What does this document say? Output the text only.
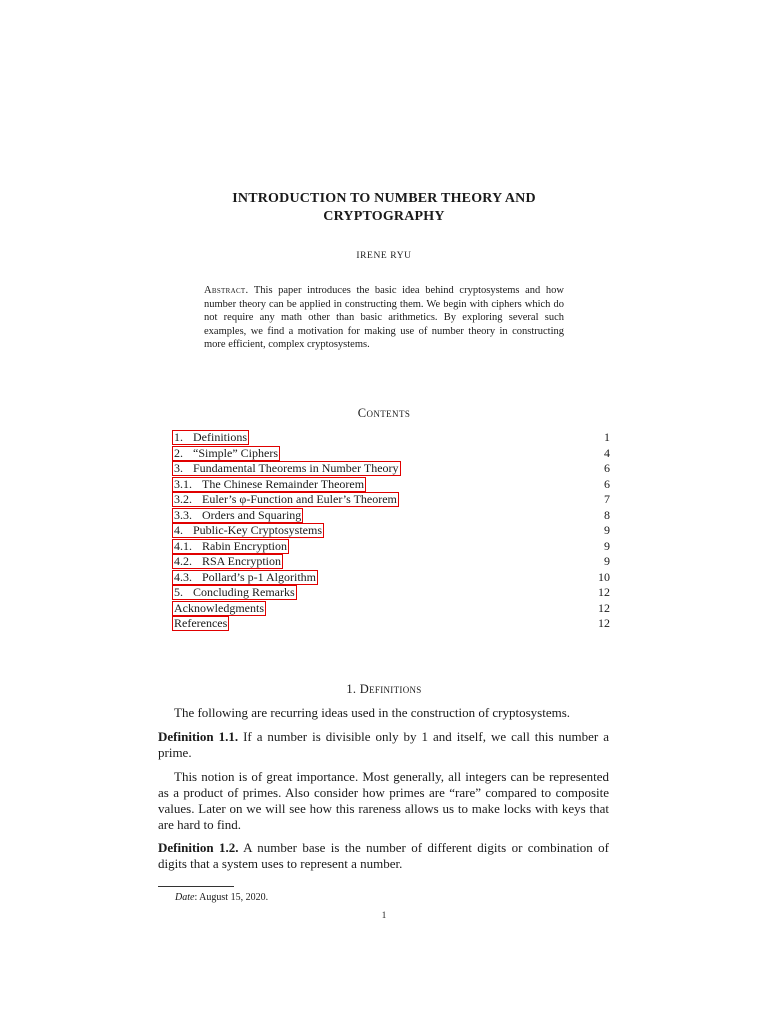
INTRODUCTION TO NUMBER THEORY AND
CRYPTOGRAPHY
IRENE RYU
Abstract. This paper introduces the basic idea behind cryptosystems and how number theory can be applied in constructing them. We begin with ciphers which do not require any math other than basic arithmetics. By exploring several such examples, we find a motivation for making use of number theory in constructing more efficient, complex cryptosystems.
Contents
1. Definitions	1
2. “Simple” Ciphers	4
3. Fundamental Theorems in Number Theory	6
3.1. The Chinese Remainder Theorem	6
3.2. Euler’s φ-Function and Euler’s Theorem	7
3.3. Orders and Squaring	8
4. Public-Key Cryptosystems	9
4.1. Rabin Encryption	9
4.2. RSA Encryption	9
4.3. Pollard’s p-1 Algorithm	10
5. Concluding Remarks	12
Acknowledgments	12
References	12
1. Definitions
The following are recurring ideas used in the construction of cryptosystems.
Definition 1.1. If a number is divisible only by 1 and itself, we call this number a prime.
This notion is of great importance. Most generally, all integers can be represented as a product of primes. Also consider how primes are “rare” compared to composite values. Later on we will see how this rareness allows us to make locks with keys that are hard to find.
Definition 1.2. A number base is the number of different digits or combination of digits that a system uses to represent a number.
Date: August 15, 2020.
1
